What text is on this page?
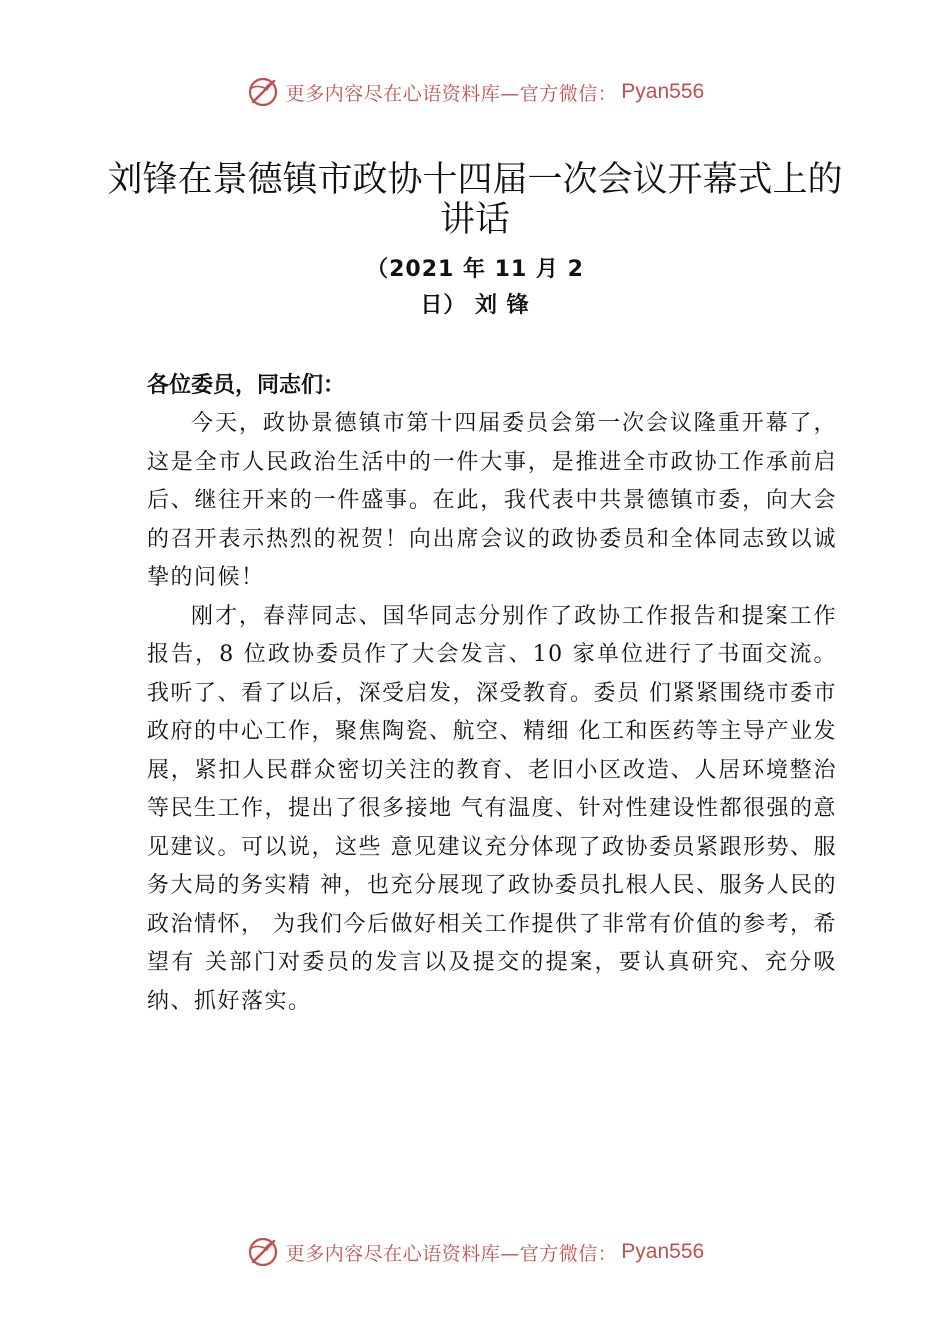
更多内容尽在心语资料库—官方微信： Pyan556
刘锋在景德镇市政协十四届一次会议开幕式上的讲话
（2021 年 11 月 2
日） 刘 锋
各位委员，同志们：

今天，政协景德镇市第十四届委员会第一次会议隆重开幕了，这是全市人民政治生活中的一件大事，是推进全市政协工作承前启后、继往开来的一件盛事。在此，我代表中共景德镇市委，向大会的召开表示热烈的祝贺！向出席会议的政协委员和全体同志致以诚挚的问候！

刚才，春萍同志、国华同志分别作了政协工作报告和提案工作报告，8 位政协委员作了大会发言、10 家单位进行了书面交流。我听了、看了以后，深受启发，深受教育。委员 们紧紧围绕市委市政府的中心工作，聚焦陶瓷、航空、精细 化工和医药等主导产业发展，紧扣人民群众密切关注的教育、老旧小区改造、人居环境整治等民生工作，提出了很多接地 气有温度、针对性建设性都很强的意见建议。可以说，这些 意见建议充分体现了政协委员紧跟形势、服务大局的务实精 神，也充分展现了政协委员扎根人民、服务人民的政治情怀， 为我们今后做好相关工作提供了非常有价值的参考，希望有 关部门对委员的发言以及提交的提案，要认真研究、充分吸 纳、抓好落实。

更多内容尽在心语资料库—官方微信： Pyan556
